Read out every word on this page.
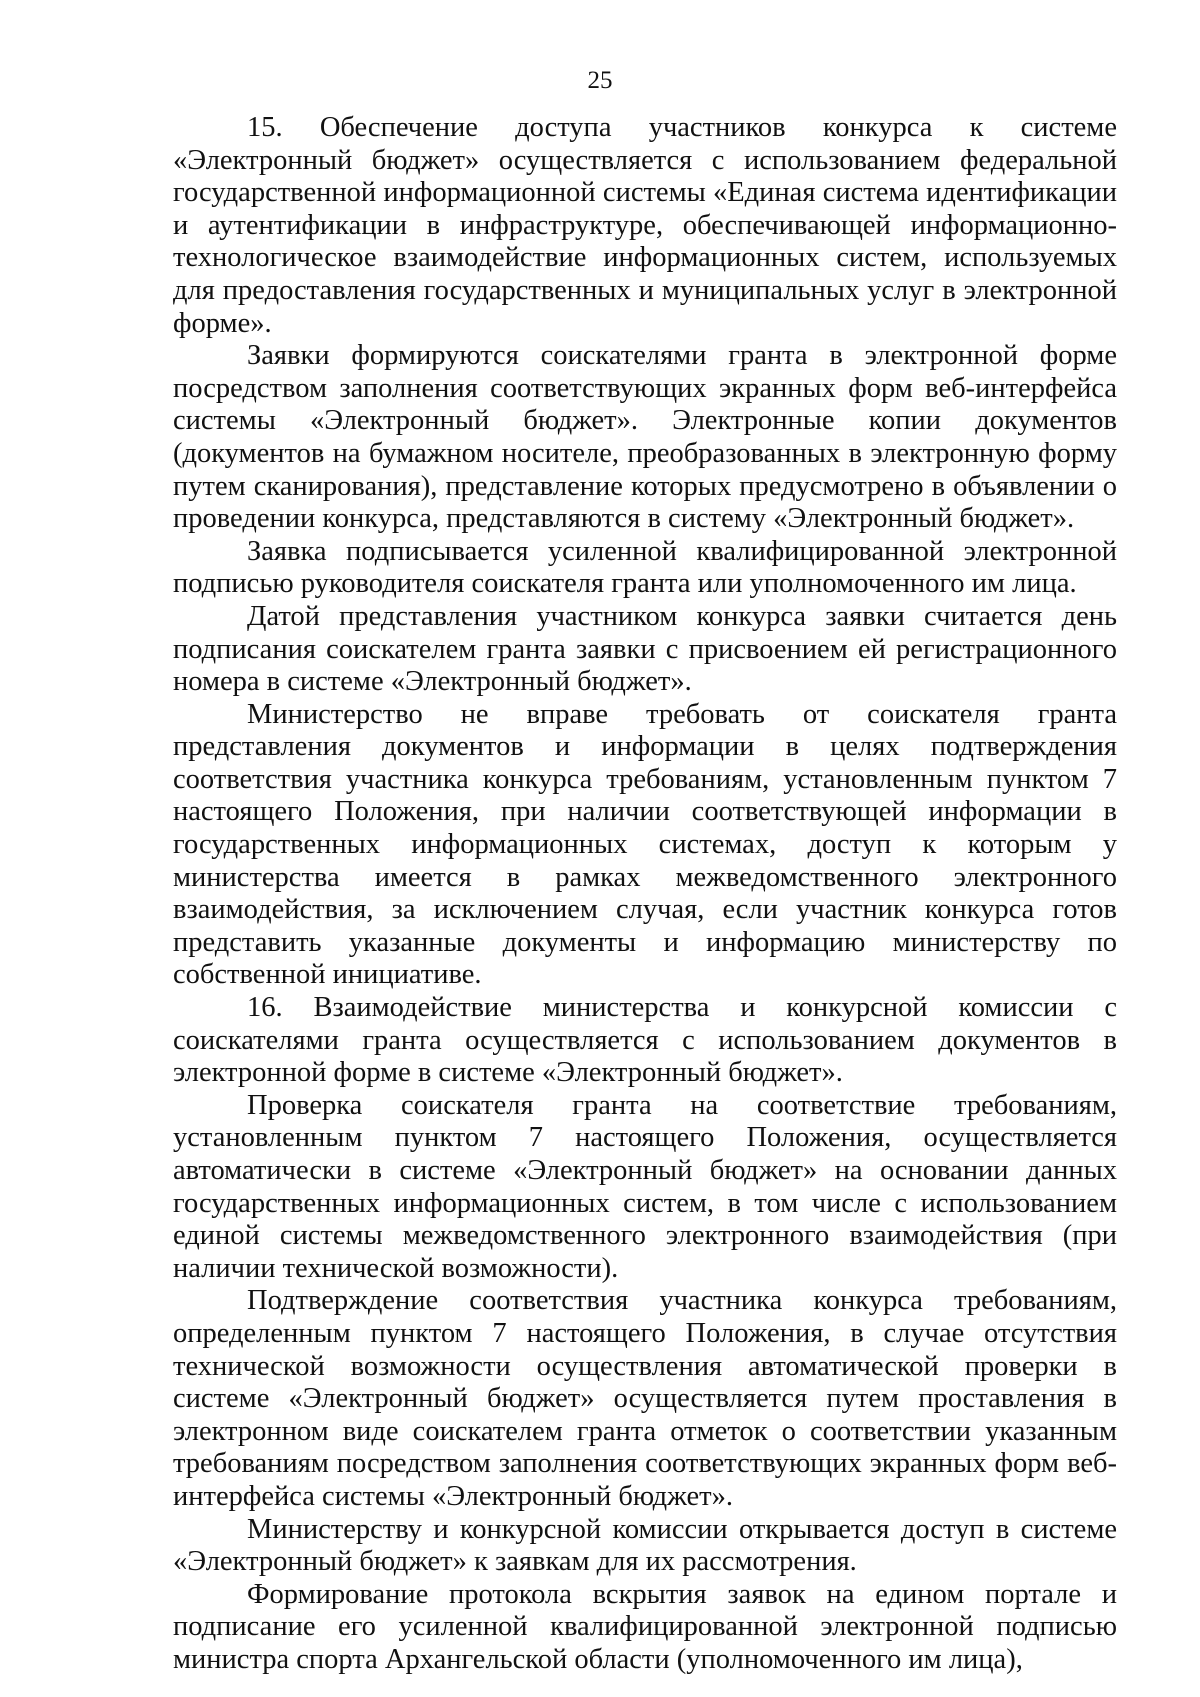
25

15. Обеспечение доступа участников конкурса к системе «Электронный бюджет» осуществляется с использованием федеральной государственной информационной системы «Единая система идентификации и аутентификации в инфраструктуре, обеспечивающей информационно-технологическое взаимодействие информационных систем, используемых для предоставления государственных и муниципальных услуг в электронной форме».

Заявки формируются соискателями гранта в электронной форме посредством заполнения соответствующих экранных форм веб-интерфейса системы «Электронный бюджет». Электронные копии документов (документов на бумажном носителе, преобразованных в электронную форму путем сканирования), представление которых предусмотрено в объявлении о проведении конкурса, представляются в систему «Электронный бюджет».

Заявка подписывается усиленной квалифицированной электронной подписью руководителя соискателя гранта или уполномоченного им лица.

Датой представления участником конкурса заявки считается день подписания соискателем гранта заявки с присвоением ей регистрационного номера в системе «Электронный бюджет».

Министерство не вправе требовать от соискателя гранта представления документов и информации в целях подтверждения соответствия участника конкурса требованиям, установленным пунктом 7 настоящего Положения, при наличии соответствующей информации в государственных информационных системах, доступ к которым у министерства имеется в рамках межведомственного электронного взаимодействия, за исключением случая, если участник конкурса готов представить указанные документы и информацию министерству по собственной инициативе.

16. Взаимодействие министерства и конкурсной комиссии с соискателями гранта осуществляется с использованием документов в электронной форме в системе «Электронный бюджет».

Проверка соискателя гранта на соответствие требованиям, установленным пунктом 7 настоящего Положения, осуществляется автоматически в системе «Электронный бюджет» на основании данных государственных информационных систем, в том числе с использованием единой системы межведомственного электронного взаимодействия (при наличии технической возможности).

Подтверждение соответствия участника конкурса требованиям, определенным пунктом 7 настоящего Положения, в случае отсутствия технической возможности осуществления автоматической проверки в системе «Электронный бюджет» осуществляется путем проставления в электронном виде соискателем гранта отметок о соответствии указанным требованиям посредством заполнения соответствующих экранных форм веб-интерфейса системы «Электронный бюджет».

Министерству и конкурсной комиссии открывается доступ в системе «Электронный бюджет» к заявкам для их рассмотрения.

Формирование протокола вскрытия заявок на едином портале и подписание его усиленной квалифицированной электронной подписью министра спорта Архангельской области (уполномоченного им лица),
